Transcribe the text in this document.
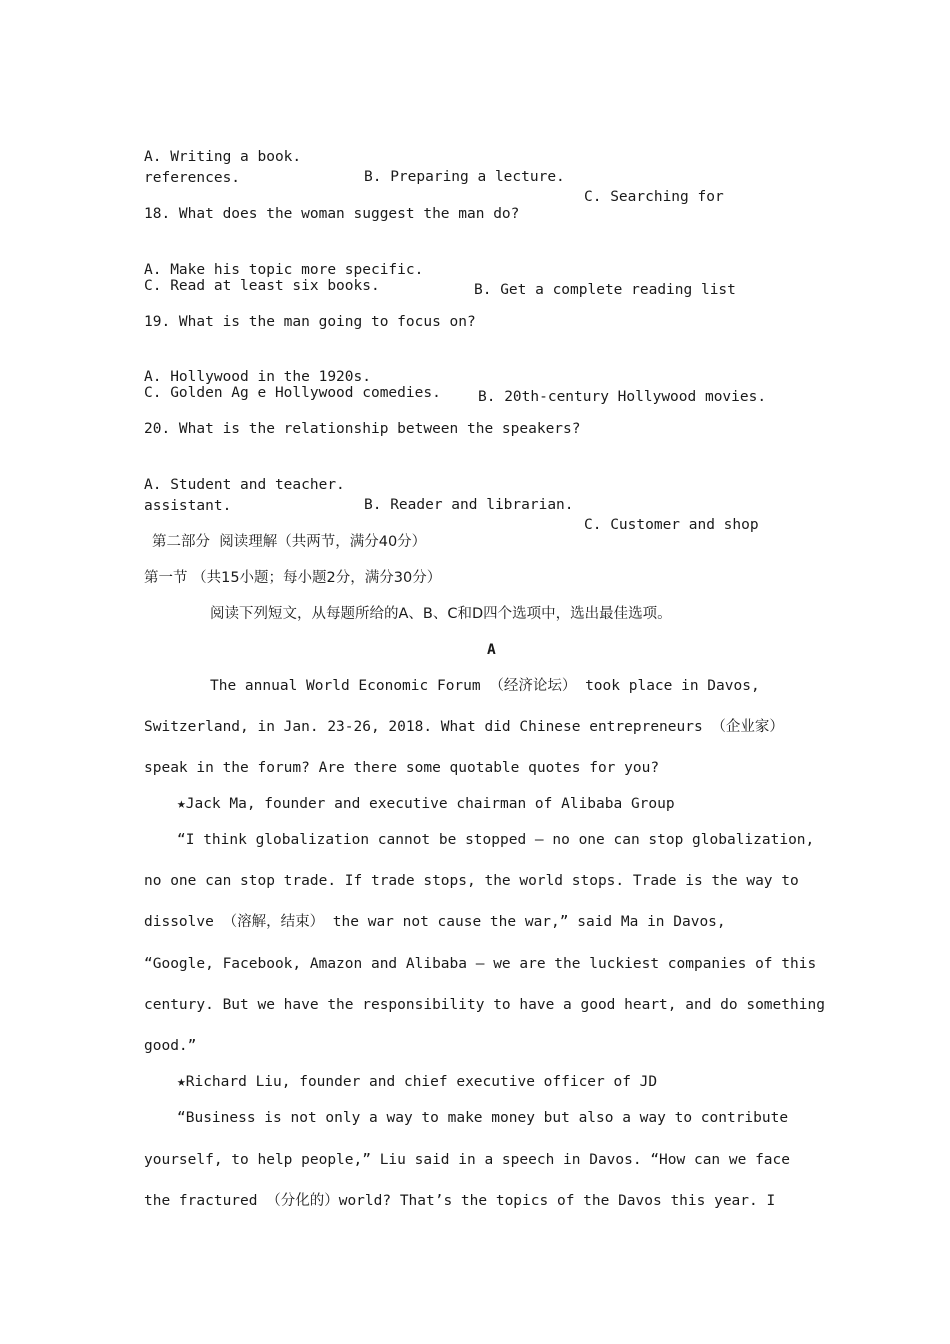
A. Writing a book.

B. Preparing a lecture.

C. Searching for

references.
18. What does the woman suggest the man do?

A. Make his topic more specific.

B. Get a complete reading list

C. Read at least six books.
19. What is the man going to focus on?

A. Hollywood in the 1920s.

B. 20th-century Hollywood movies.

C. Golden Ag e Hollywood comedies.
20. What is the relationship between the speakers?

A. Student and teacher.

B. Reader and librarian.

C. Customer and shop

assistant.
第二部分  阅读理解（共两节，满分40分）
第一节 （共15小题；每小题2分，满分30分）
阅读下列短文，从每题所给的A、B、C和D四个选项中，选出最佳选项。
A
The annual World Economic Forum （经济论坛） took place in Davos,
Switzerland, in Jan. 23-26, 2018. What did Chinese entrepreneurs （企业家）
speak in the forum? Are there some quotable quotes for you?
★Jack Ma, founder and executive chairman of Alibaba Group
“I think globalization cannot be stopped — no one can stop globalization,
no one can stop trade. If trade stops, the world stops. Trade is the way to
dissolve （溶解，结束） the war not cause the war,” said Ma in Davos,
“Google, Facebook, Amazon and Alibaba — we are the luckiest companies of this
century. But we have the responsibility to have a good heart, and do something
good.”
★Richard Liu, founder and chief executive officer of JD
“Business is not only a way to make money but also a way to contribute
yourself, to help people,” Liu said in a speech in Davos. “How can we face
the fractured （分化的）world? That’s the topics of the Davos this year. I
